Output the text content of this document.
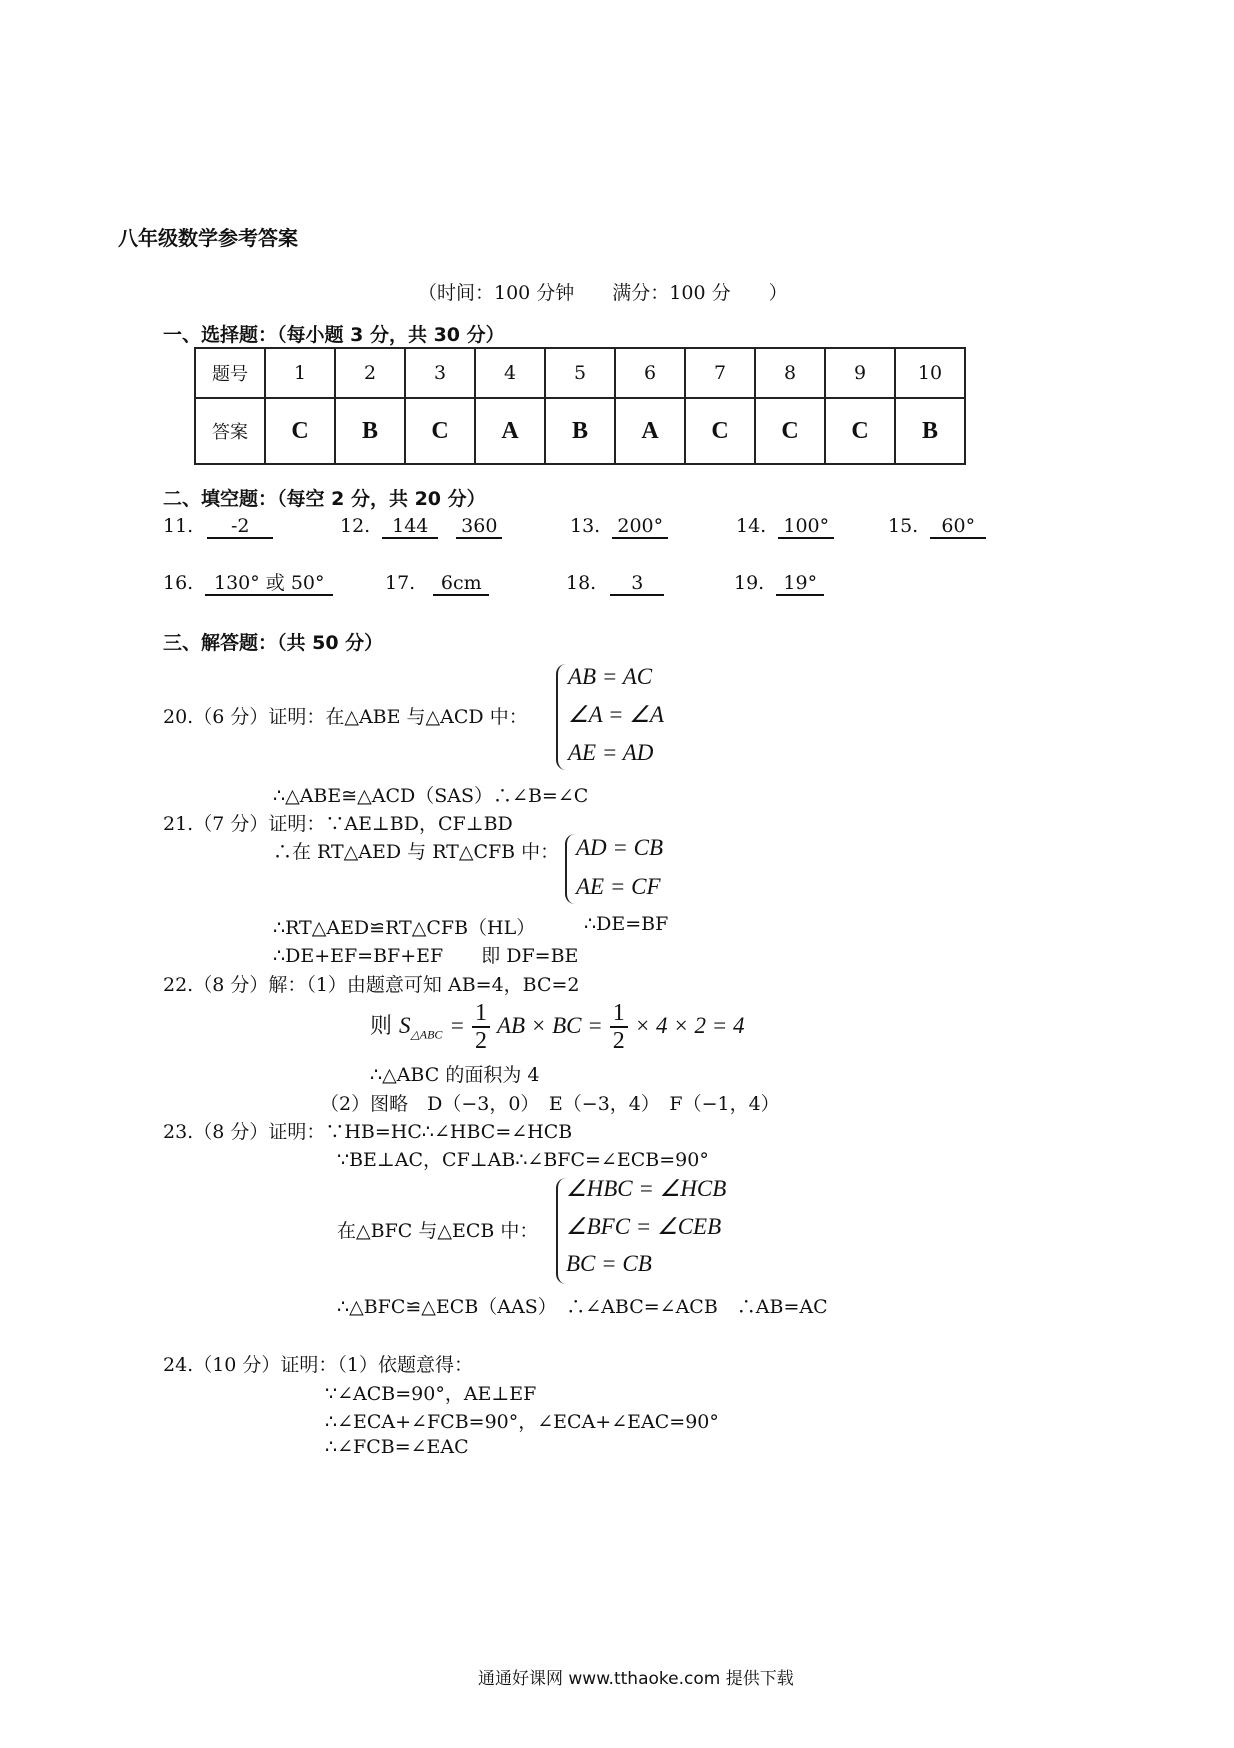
八年级数学参考答案
（时间：100 分钟　　满分：100 分　　）
一、选择题：（每小题 3 分，共 30 分）
题号	1	2	3	4	5	6	7	8	9	10
答案	C	B	C	A	B	A	C	C	C	B
二、填空题：（每空 2 分，共 20 分）
11. -2	12. 144 360	13. 200°	14. 100°	15. 60°
16. 130° 或 50°	17. 6cm	18. 3	19. 19°
三、解答题：（共 50 分）
20.（6 分）证明：在△ABE 与△ACD 中：
AB = AC
∠A = ∠A
AE = AD
∴△ABE≅△ACD（SAS）∴∠B=∠C
21.（7 分）证明：∵AE⊥BD，CF⊥BD
∴在 RT△AED 与 RT△CFB 中： AD = CB
AE = CF
∴RT△AED≌RT△CFB（HL）	∴DE=BF
∴DE+EF=BF+EF　　即 DF=BE
22.（8 分）解：（1）由题意可知 AB=4，BC=2
则 $S_{\triangle ABC} = \frac{1}{2}$ AB × BC = $\frac{1}{2} \times 4 \times 2 = 4$
∴△ABC 的面积为 4
（2）图略　D（−3，0）　E（−3，4）　F（−1，4）
23.（8 分）证明：∵HB=HC∴∠HBC=∠HCB
∵BE⊥AC，CF⊥AB∴∠BFC=∠ECB=90°
在△BFC 与△ECB 中：
∠HBC = ∠HCB
∠BFC = ∠CEB
BC = CB
∴△BFC≌△ECB（AAS）　∴∠ABC=∠ACB　∴AB=AC
24.（10 分）证明：（1）依题意得：
∵∠ACB=90°，AE⊥EF
∴∠ECA+∠FCB=90°，∠ECA+∠EAC=90°
∴∠FCB=∠EAC
通通好课网 www.tthaoke.com 提供下载
